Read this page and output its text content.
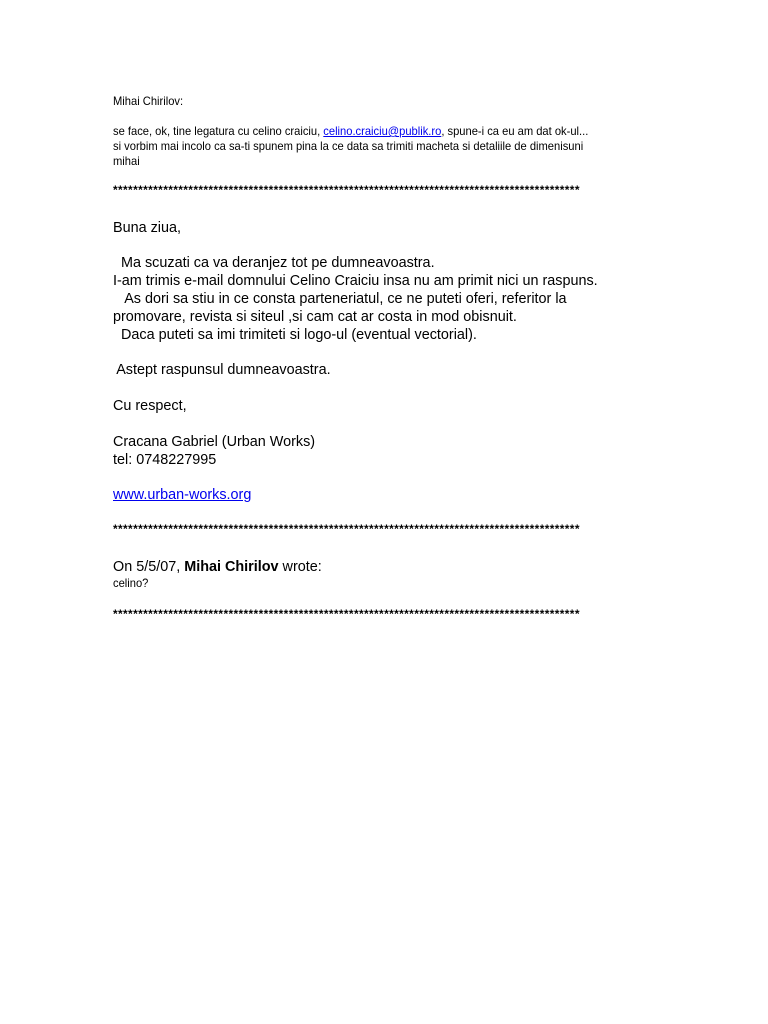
Mihai Chirilov:
se face, ok, tine legatura cu celino craiciu, celino.craiciu@publik.ro, spune-i ca eu am dat ok-ul...
si vorbim mai incolo ca sa-ti spunem pina la ce data sa trimiti macheta si detaliile de dimenisuni
mihai
*********************************************************************************************
Buna ziua,
Ma scuzati ca va deranjez tot pe dumneavoastra.
I-am trimis e-mail domnului Celino Craiciu insa nu am primit nici un raspuns.
As dori sa stiu in ce consta parteneriatul, ce ne puteti oferi, referitor la
promovare, revista si siteul ,si cam cat ar costa in mod obisnuit.
Daca puteti sa imi trimiteti si logo-ul (eventual vectorial).
Astept raspunsul dumneavoastra.
Cu respect,
Cracana Gabriel (Urban Works)
tel: 0748227995
www.urban-works.org
*********************************************************************************************
On 5/5/07, Mihai Chirilov wrote:
celino?
*********************************************************************************************
